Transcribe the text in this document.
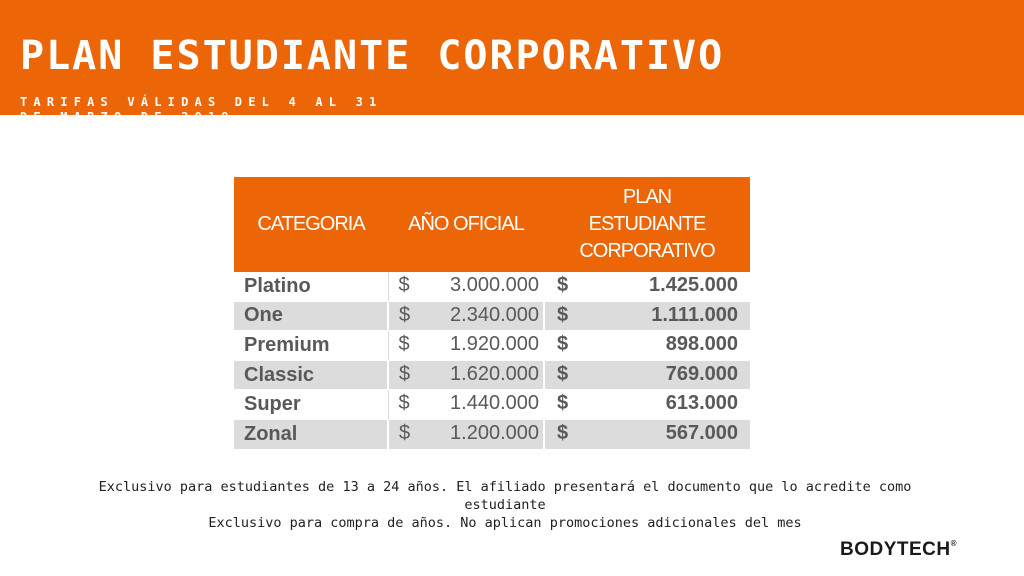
PLAN ESTUDIANTE CORPORATIVO
TARIFAS VÁLIDAS DEL 4 AL 31 DE MARZO DE 2019
CATEGORIA	AÑO OFICIAL	PLAN ESTUDIANTE CORPORATIVO

Platino	$ 3.000.000	$ 1.425.000

One	$ 2.340.000	$ 1.111.000

Premium	$ 1.920.000	$ 898.000

Classic	$ 1.620.000	$ 769.000

Super	$ 1.440.000	$ 613.000

Zonal	$ 1.200.000	$ 567.000

Exclusivo para estudiantes de 13 a 24 años. El afiliado presentará el documento que lo acredite como estudiante

Exclusivo para compra de años. No aplican promociones adicionales del mes

BODYTECH®
